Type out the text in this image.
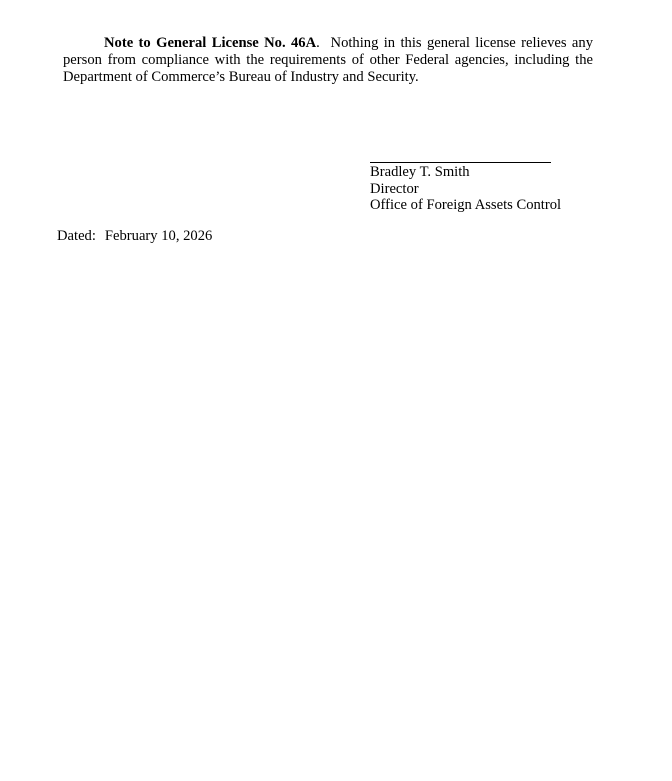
Note to General License No. 46A.  Nothing in this general license relieves any person from compliance with the requirements of other Federal agencies, including the Department of Commerce’s Bureau of Industry and Security.

Bradley T. Smith
Director
Office of Foreign Assets Control
Dated: February 10, 2026
